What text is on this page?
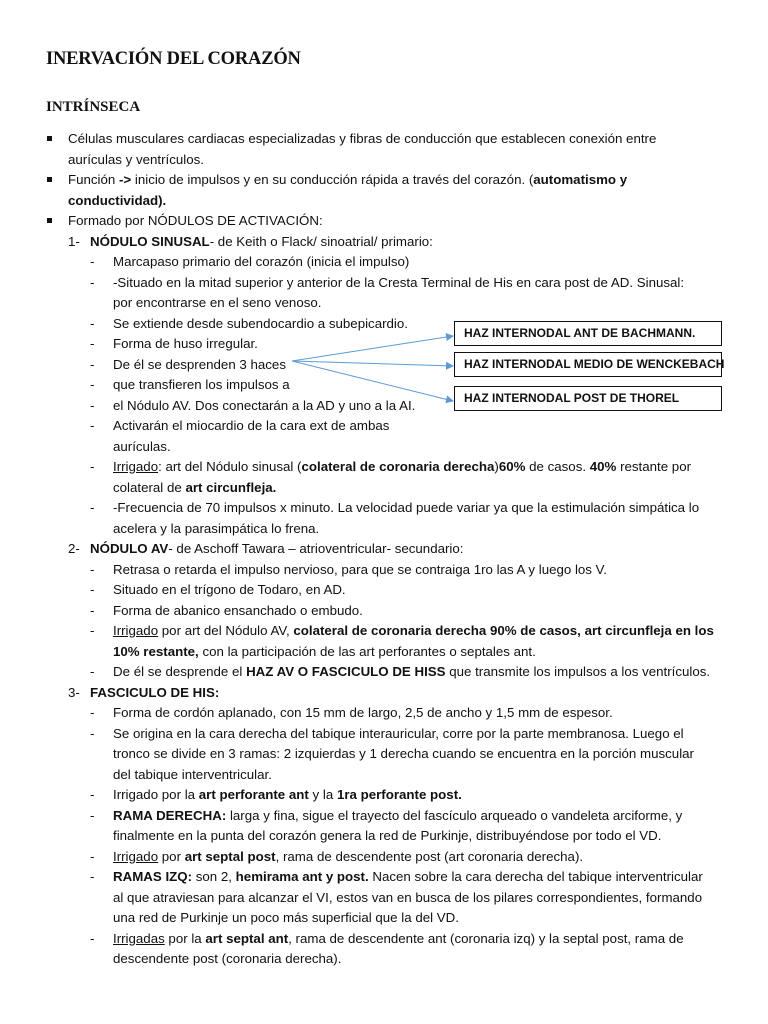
INERVACIÓN DEL CORAZÓN
INTRÍNSECA
Células musculares cardiacas especializadas y fibras de conducción que establecen conexión entre
aurículas y ventrículos.
Función -> inicio de impulsos y en su conducción rápida a través del corazón. (automatismo y
conductividad).
Formado por NÓDULOS DE ACTIVACIÓN:
1- NÓDULO SINUSAL- de Keith o Flack/ sinoatrial/ primario:
- Marcapaso primario del corazón (inicia el impulso)
- -Situado en la mitad superior y anterior de la Cresta Terminal de His en cara post de AD. Sinusal:
por encontrarse en el seno venoso.
- Se extiende desde subendocardio a subepicardio.
- Forma de huso irregular.
- De él se desprenden 3 haces
- que transfieren los impulsos a
- el Nódulo AV. Dos conectarán a la AD y uno a la AI.
- Activarán el miocardio de la cara ext de ambas
aurículas.
- Irrigado: art del Nódulo sinusal (colateral de coronaria derecha)60% de casos. 40% restante por
colateral de art circunfleja.
- -Frecuencia de 70 impulsos x minuto. La velocidad puede variar ya que la estimulación simpática lo
acelera y la parasimpática lo frena.
2- NÓDULO AV- de Aschoff Tawara – atrioventricular- secundario:
- Retrasa o retarda el impulso nervioso, para que se contraiga 1ro las A y luego los V.
- Situado en el trígono de Todaro, en AD.
- Forma de abanico ensanchado o embudo.
- Irrigado por art del Nódulo AV, colateral de coronaria derecha 90% de casos, art circunfleja en los
10% restante, con la participación de las art perforantes o septales ant.
- De él se desprende el HAZ AV O FASCICULO DE HISS que transmite los impulsos a los ventrículos.
3- FASCICULO DE HIS:
- Forma de cordón aplanado, con 15 mm de largo, 2,5 de ancho y 1,5 mm de espesor.
- Se origina en la cara derecha del tabique interauricular, corre por la parte membranosa. Luego el
tronco se divide en 3 ramas: 2 izquierdas y 1 derecha cuando se encuentra en la porción muscular
del tabique interventricular.
- Irrigado por la art perforante ant y la 1ra perforante post.
- RAMA DERECHA: larga y fina, sigue el trayecto del fascículo arqueado o vandeleta arciforme, y
finalmente en la punta del corazón genera la red de Purkinje, distribuyéndose por todo el VD.
- Irrigado por art septal post, rama de descendente post (art coronaria derecha).
- RAMAS IZQ: son 2, hemirama ant y post. Nacen sobre la cara derecha del tabique interventricular
al que atraviesan para alcanzar el VI, estos van en busca de los pilares correspondientes, formando
una red de Purkinje un poco más superficial que la del VD.
- Irrigadas por la art septal ant, rama de descendente ant (coronaria izq) y la septal post, rama de
descendente post (coronaria derecha).
HAZ INTERNODAL ANT DE BACHMANN.
HAZ INTERNODAL MEDIO DE WENCKEBACH
HAZ INTERNODAL POST DE THOREL
